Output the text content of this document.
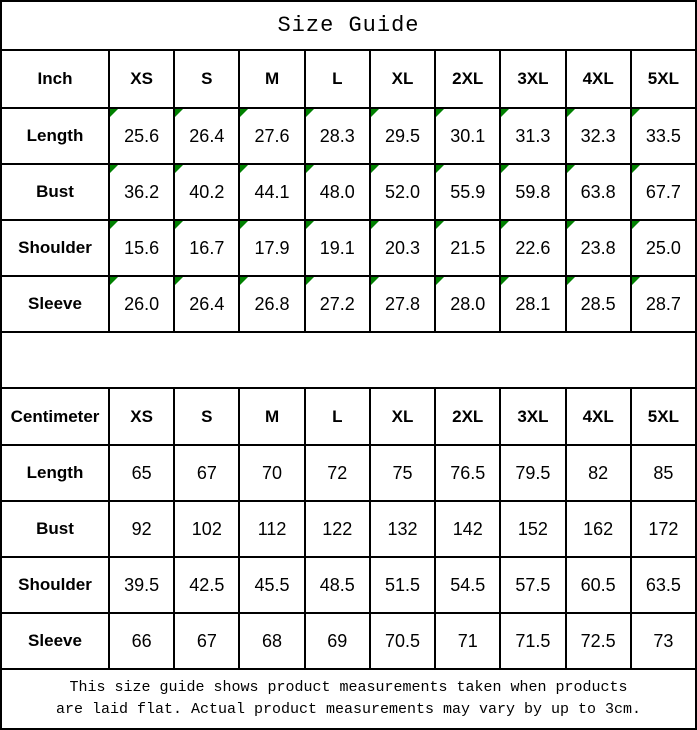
Size Guide
Inch	XS	S	M	L	XL	2XL	3XL	4XL	5XL
Length	25.6 26.4 27.6 28.3 29.5 30.1 31.3 32.3 33.5
Bust	36.2 40.2 44.1 48.0 52.0 55.9 59.8 63.8 67.7
Shoulder	15.6 16.7 17.9 19.1 20.3 21.5 22.6 23.8 25.0
Sleeve	26.0 26.4 26.8 27.2 27.8 28.0 28.1 28.5 28.7
Centimeter	XS	S	M	L	XL	2XL	3XL	4XL	5XL
Length	65	67	70	72	75 76.5 79.5 82	85
Bust	92 102 112 122 132 142 152 162 172
Shoulder	39.5 42.5 45.5 48.5 51.5 54.5 57.5 60.5 63.5
Sleeve	66	67	68	69 70.5 71 71.5 72.5 73
This size guide shows product measurements taken when products
are laid flat. Actual product measurements may vary by up to 3cm.
